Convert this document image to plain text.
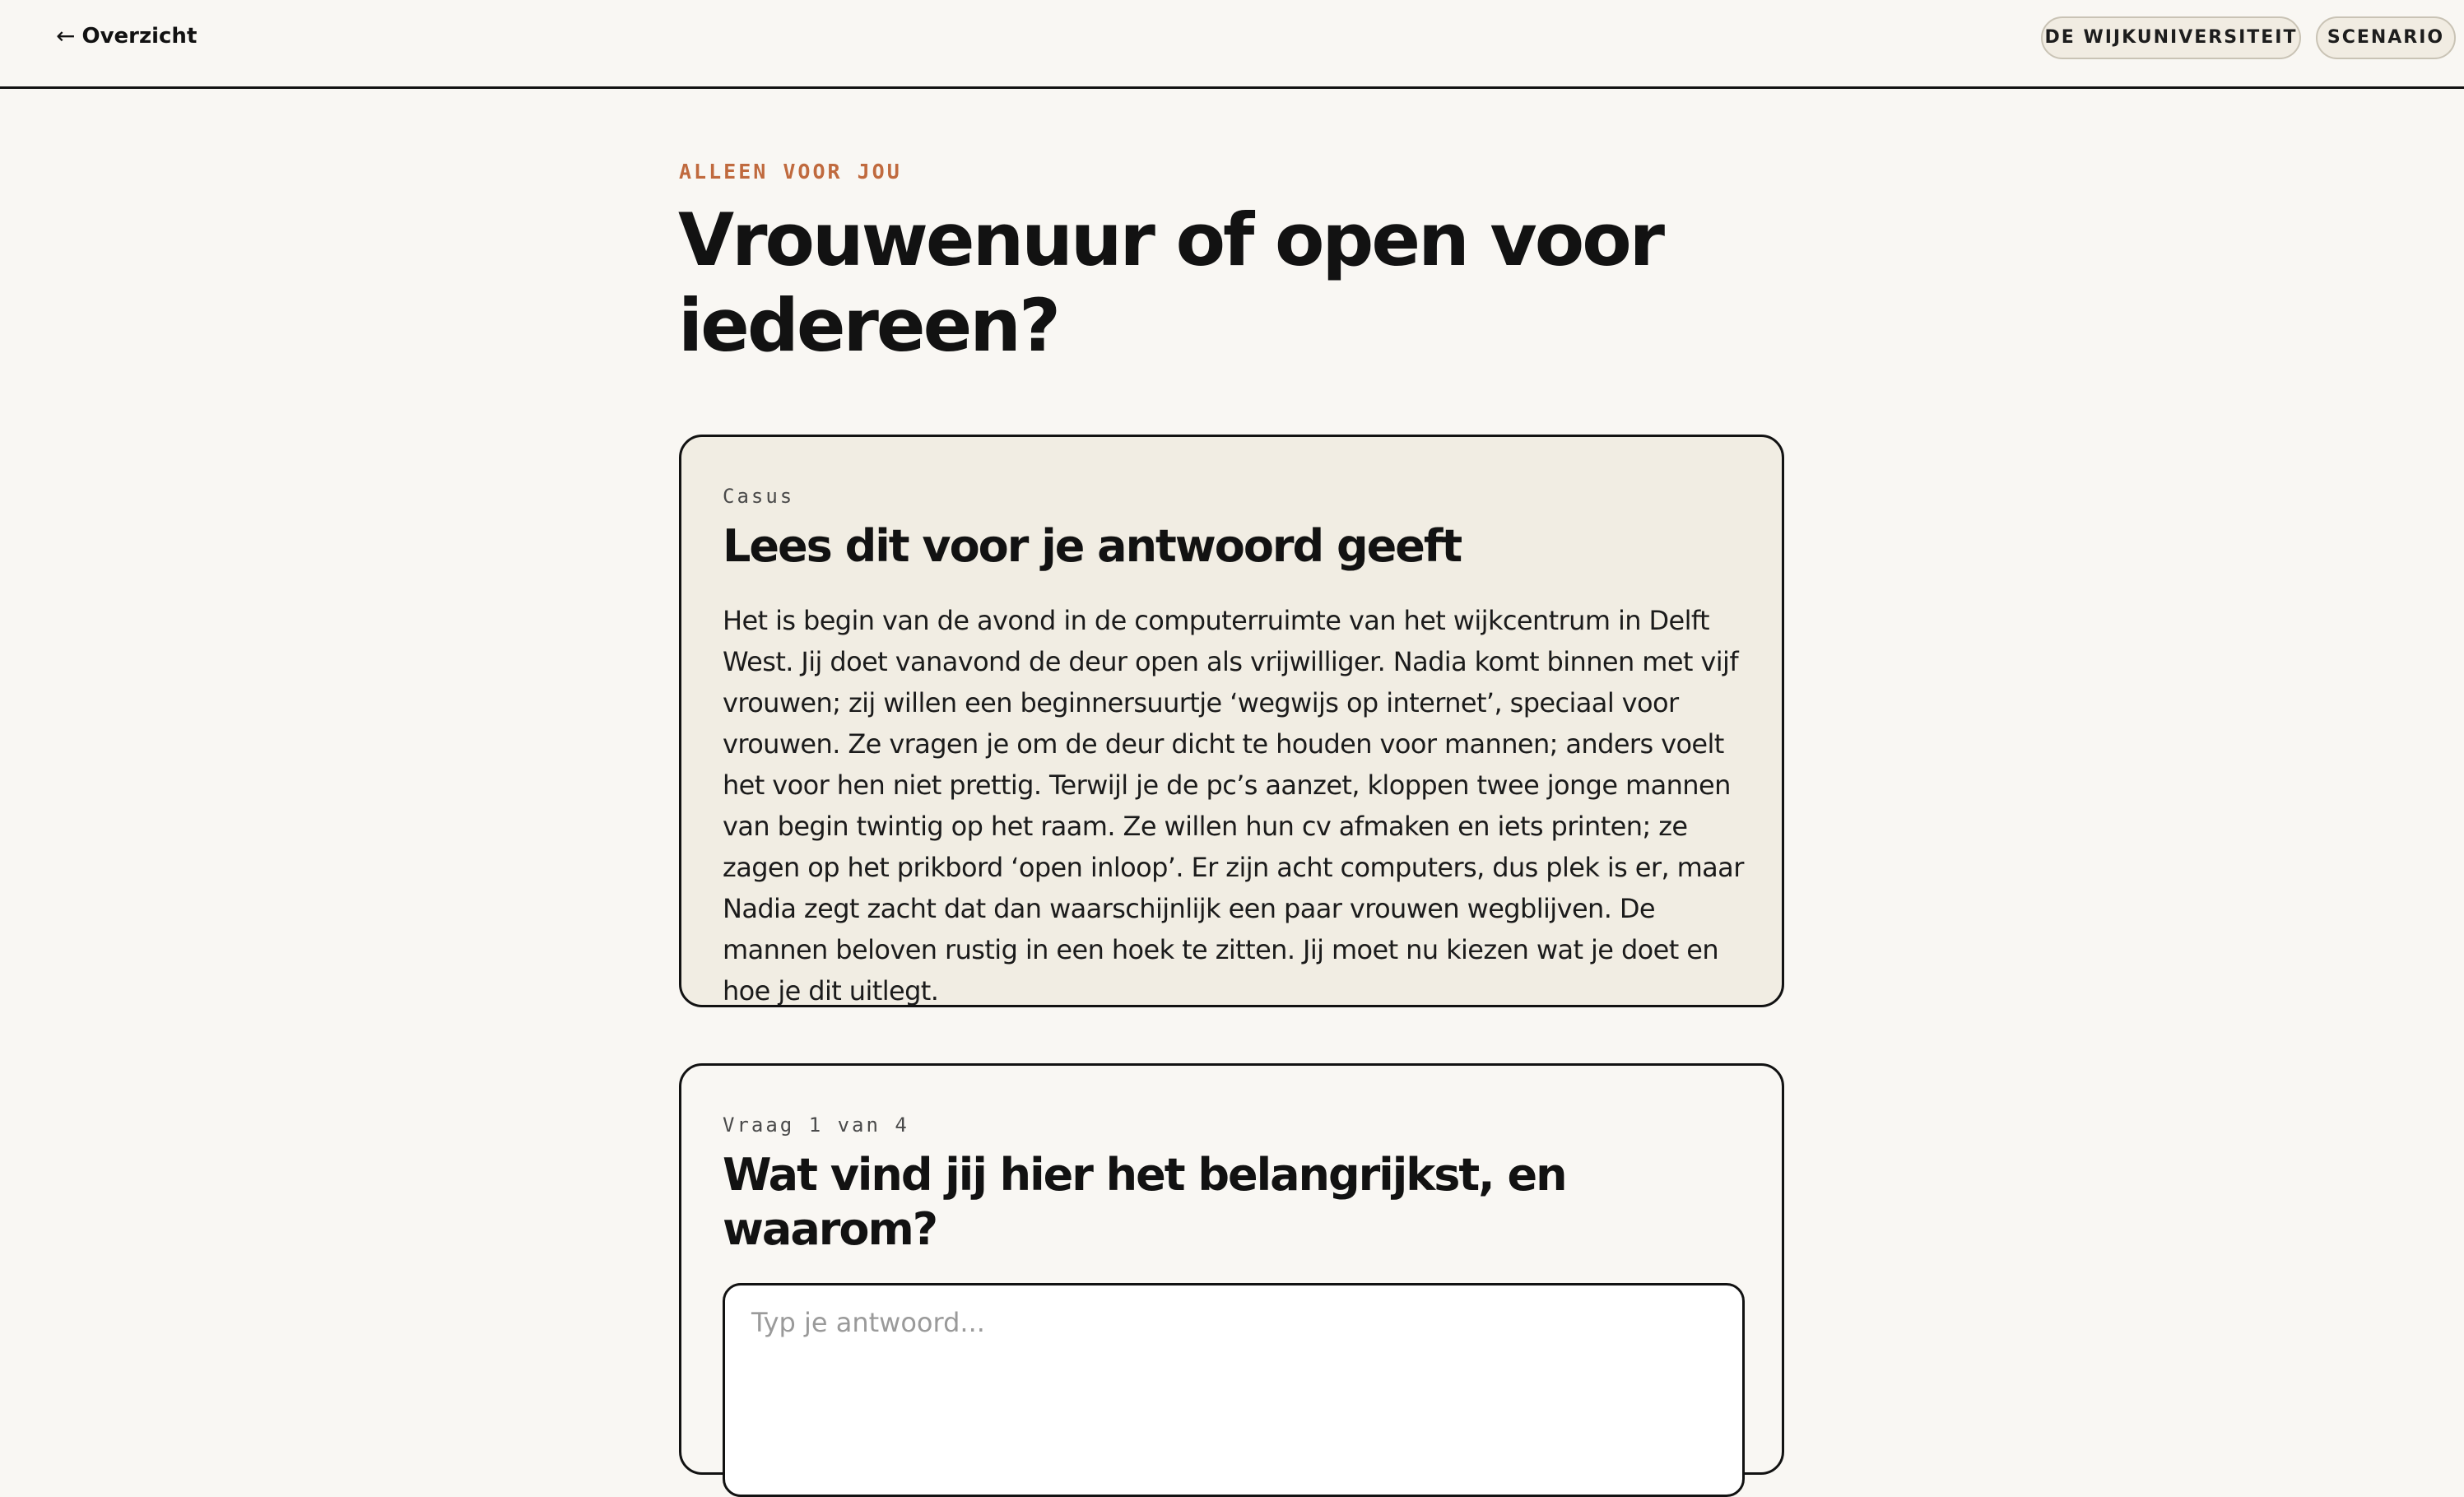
← Overzicht	DE WIJKUNIVERSITEIT	SCENARIO
ALLEEN VOOR JOU
Vrouwenuur of open voor iedereen?
Casus
Lees dit voor je antwoord geeft

Het is begin van de avond in de computerruimte van het wijkcentrum in Delft West. Jij doet vanavond de deur open als vrijwilliger. Nadia komt binnen met vijf vrouwen; zij willen een beginnersuurtje ‘wegwijs op internet’, speciaal voor vrouwen. Ze vragen je om de deur dicht te houden voor mannen; anders voelt het voor hen niet prettig. Terwijl je de pc’s aanzet, kloppen twee jonge mannen van begin twintig op het raam. Ze willen hun cv afmaken en iets printen; ze zagen op het prikbord ‘open inloop’. Er zijn acht computers, dus plek is er, maar Nadia zegt zacht dat dan waarschijnlijk een paar vrouwen wegblijven. De mannen beloven rustig in een hoek te zitten. Jij moet nu kiezen wat je doet en hoe je dit uitlegt.

Vraag 1 van 4
Wat vind jij hier het belangrijkst, en waarom?
Typ je antwoord...
